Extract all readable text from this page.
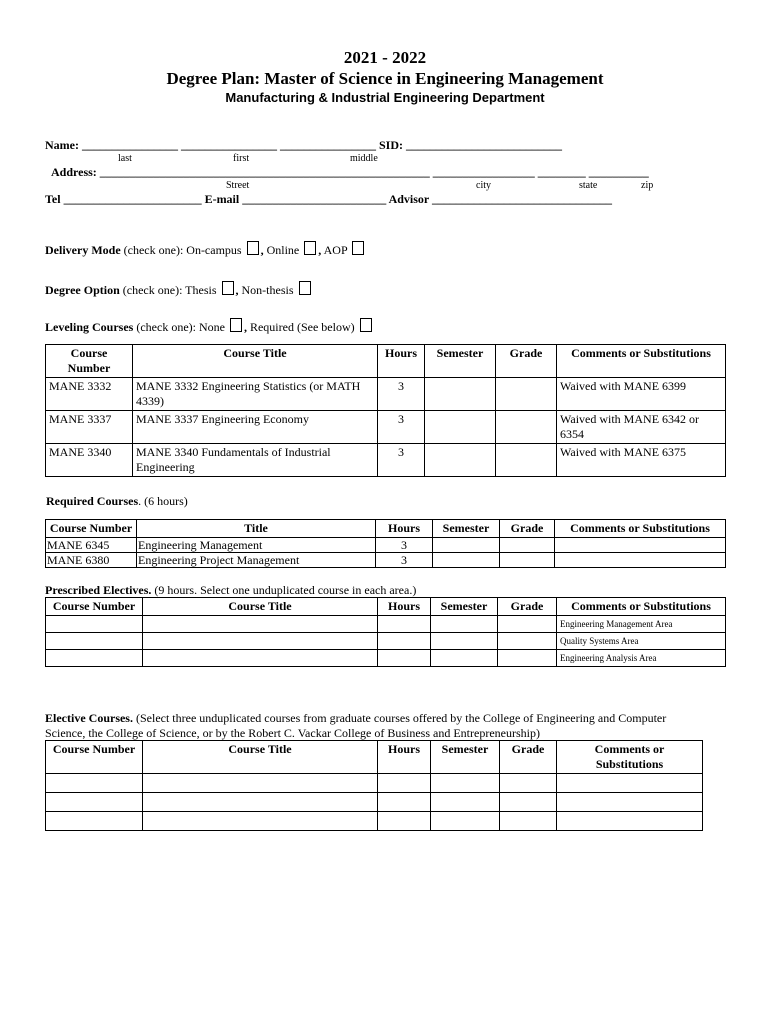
2021 - 2022
Degree Plan: Master of Science in Engineering Management
Manufacturing & Industrial Engineering Department
Name: ________________ ________________ ________________ SID: __________________________
last	first	middle
Address: _______________________________________________________ _________________ ________ __________
Street	city	state	zip
Tel _______________________ E-mail ________________________ Advisor ______________________________
Delivery Mode (check one): On-campus , Online , AOP
Degree Option (check one): Thesis , Non-thesis
Leveling Courses (check one): None , Required (See below)
Course Number	Course Title	Hours	Semester	Grade	Comments or Substitutions
MANE 3332	MANE 3332 Engineering Statistics (or MATH 4339)	3			Waived with MANE 6399
MANE 3337	MANE 3337 Engineering Economy	3			Waived with MANE 6342 or 6354
MANE 3340	MANE 3340 Fundamentals of Industrial Engineering	3			Waived with MANE 6375
Required Courses. (6 hours)
Course Number	Title	Hours	Semester	Grade	Comments or Substitutions
MANE 6345	Engineering Management	3			
MANE 6380	Engineering Project Management	3			
Prescribed Electives. (9 hours. Select one unduplicated course in each area.)
Course Number	Course Title	Hours	Semester	Grade	Comments or Substitutions
					Engineering Management Area
					Quality Systems Area
					Engineering Analysis Area
Elective Courses. (Select three unduplicated courses from graduate courses offered by the College of Engineering and Computer
Science, the College of Science, or by the Robert C. Vackar College of Business and Entrepreneurship)
Course Number	Course Title	Hours	Semester	Grade	Comments or Substitutions
